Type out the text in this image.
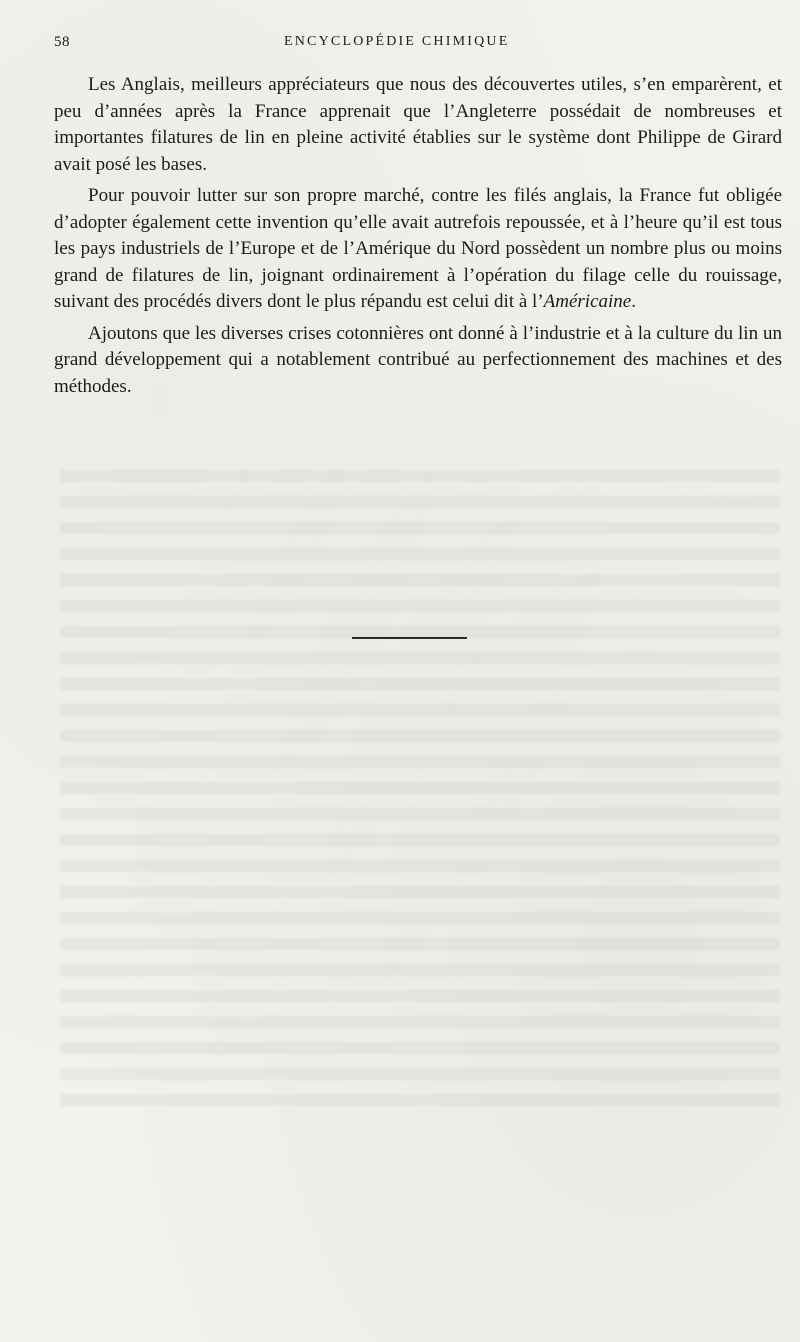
58	ENCYCLOPÉDIE CHIMIQUE

Les Anglais, meilleurs appréciateurs que nous des découvertes utiles, s’en emparèrent, et peu d’années après la France apprenait que l’Angleterre possédait de nombreuses et importantes filatures de lin en pleine activité établies sur le système dont Philippe de Girard avait posé les bases.

Pour pouvoir lutter sur son propre marché, contre les filés anglais, la France fut obligée d’adopter également cette invention qu’elle avait autrefois repoussée, et à l’heure qu’il est tous les pays industriels de l’Europe et de l’Amérique du Nord possèdent un nombre plus ou moins grand de filatures de lin, joignant ordinairement à l’opération du filage celle du rouissage, suivant des procédés divers dont le plus répandu est celui dit à l’Américaine.

Ajoutons que les diverses crises cotonnières ont donné à l’industrie et à la culture du lin un grand développement qui a notablement contribué au perfectionnement des machines et des méthodes.
